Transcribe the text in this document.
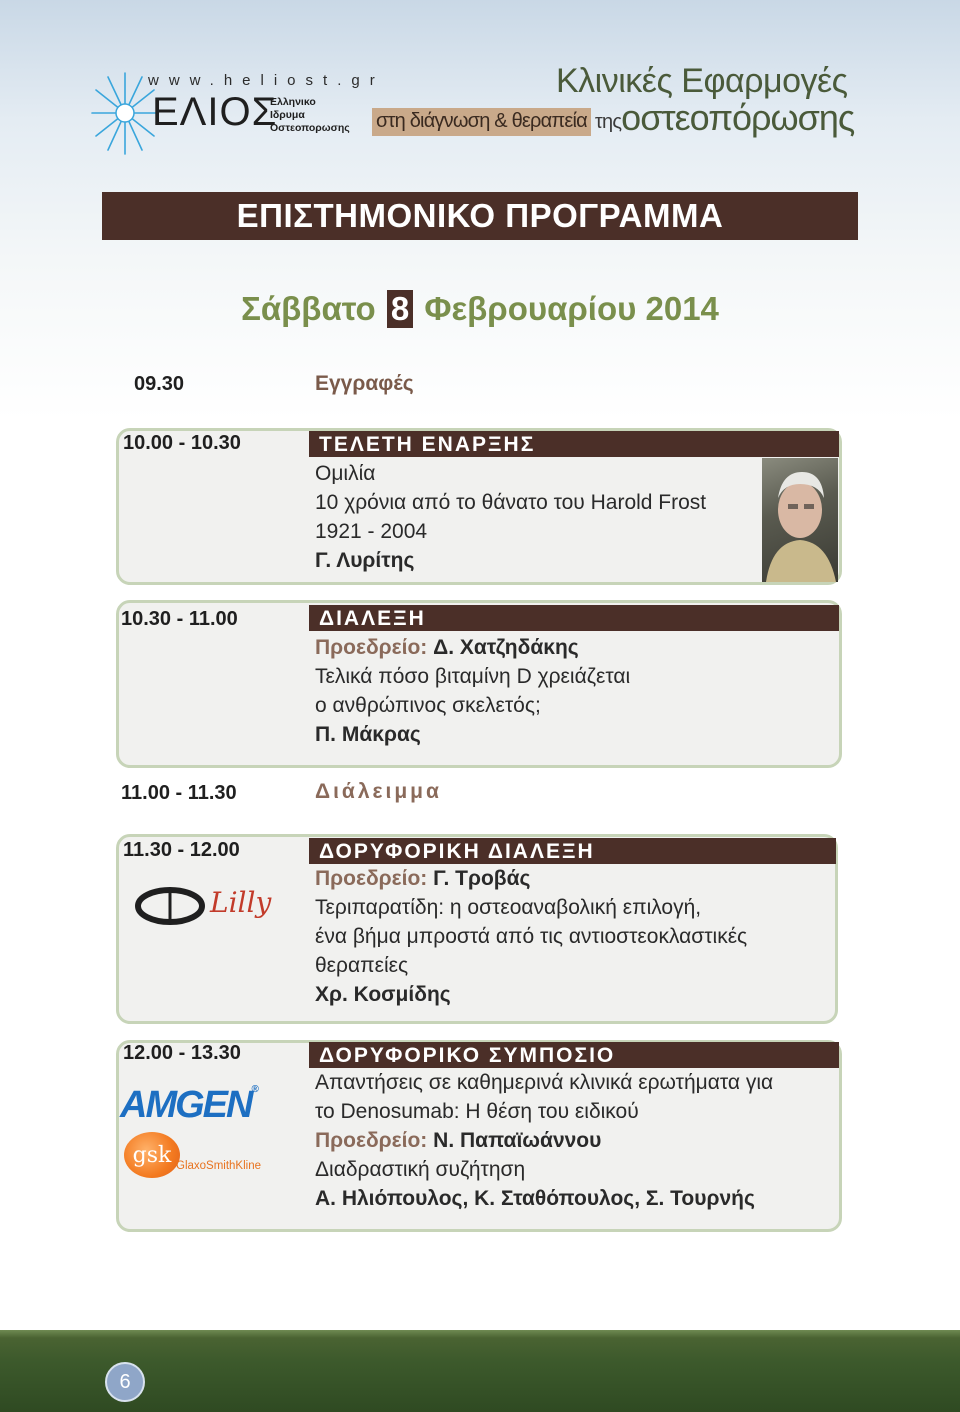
www.heliost.gr
ΕΛΙΟΣ
Ελληνικο
Ιδρυμα
Οστεοπορωσης
Κλινικές Εφαρμογές
στη διάγνωση & θεραπεία της οστεοπόρωσης
ΕΠΙΣΤΗΜΟΝΙΚΟ ΠΡΟΓΡΑΜΜΑ
Σάββατο 8 Φεβρουαρίου 2014
09.30	Εγγραφές
ΤΕΛΕΤΗ ΕΝΑΡΞΗΣ
10.00 - 10.30
Ομιλία
10 χρόνια από το θάνατο του Harold Frost
1921 - 2004
Γ. Λυρίτης
ΔΙΑΛΕΞΗ
10.30 - 11.00
Προεδρείο: Δ. Χατζηδάκης
Τελικά πόσο βιταμίνη D χρειάζεται
ο ανθρώπινος σκελετός;
Π. Μάκρας
11.00 - 11.30	Διάλειμμα
ΔΟΡΥΦΟΡΙΚΗ ΔΙΑΛΕΞΗ
11.30 - 12.00
Προεδρείο: Γ. Τροβάς
Τεριπαρατίδη: η οστεοαναβολική επιλογή,
ένα βήμα μπροστά από τις αντιοστεοκλαστικές
θεραπείες
Χρ. Κοσμίδης
Lilly
ΔΟΡΥΦΟΡΙΚΟ ΣΥΜΠΟΣΙΟ
12.00 - 13.30
Απαντήσεις σε καθημερινά κλινικά ερωτήματα για
το Denosumab: Η θέση του ειδικού
Προεδρείο: Ν. Παπαϊωάννου
Διαδραστική συζήτηση
Α. Ηλιόπουλος, Κ. Σταθόπουλος, Σ. Τουρνής
AMGEN®
gsk GlaxoSmithKline
6
